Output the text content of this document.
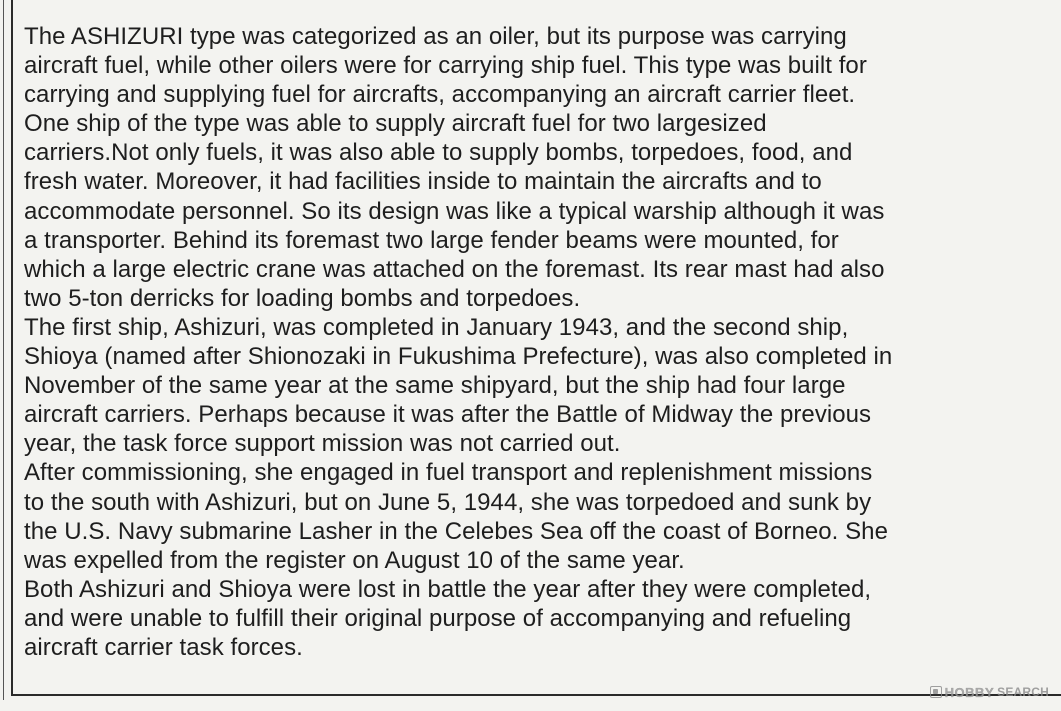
The ASHIZURI type was categorized as an oiler, but its purpose was carrying
aircraft fuel, while other oilers were for carrying ship fuel. This type was built for
carrying and supplying fuel for aircrafts, accompanying an aircraft carrier fleet.
One ship of the type was able to supply aircraft fuel for two largesized
carriers.Not only fuels, it was also able to supply bombs, torpedoes, food, and
fresh water. Moreover, it had facilities inside to maintain the aircrafts and to
accommodate personnel. So its design was like a typical warship although it was
a transporter. Behind its foremast two large fender beams were mounted, for
which a large electric crane was attached on the foremast. Its rear mast had also
two 5-ton derricks for loading bombs and torpedoes.
The first ship, Ashizuri, was completed in January 1943, and the second ship,
Shioya (named after Shionozaki in Fukushima Prefecture), was also completed in
November of the same year at the same shipyard, but the ship had four large
aircraft carriers. Perhaps because it was after the Battle of Midway the previous
year, the task force support mission was not carried out.
After commissioning, she engaged in fuel transport and replenishment missions
to the south with Ashizuri, but on June 5, 1944, she was torpedoed and sunk by
the U.S. Navy submarine Lasher in the Celebes Sea off the coast of Borneo. She
was expelled from the register on August 10 of the same year.
Both Ashizuri and Shioya were lost in battle the year after they were completed,
and were unable to fulfill their original purpose of accompanying and refueling
aircraft carrier task forces.
HOBBY SEARCH
